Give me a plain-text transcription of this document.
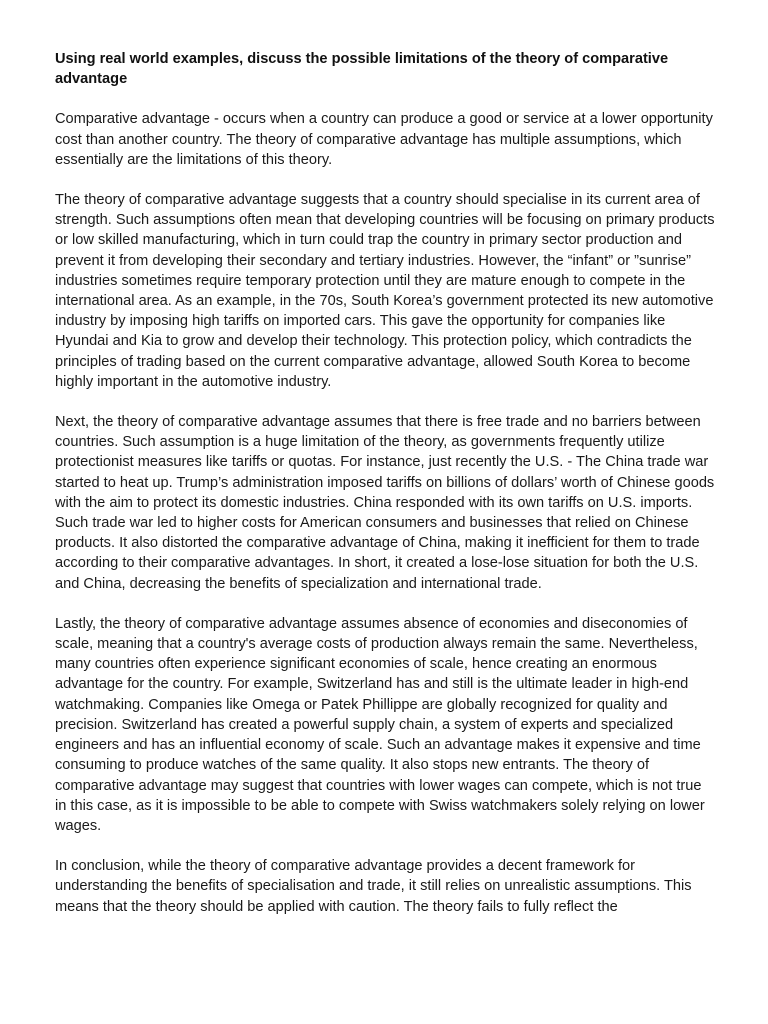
Using real world examples, discuss the possible limitations of the theory of comparative advantage

Comparative advantage - occurs when a country can produce a good or service at a lower opportunity cost than another country. The theory of comparative advantage has multiple assumptions, which essentially are the limitations of this theory.

The theory of comparative advantage suggests that a country should specialise in its current area of strength. Such assumptions often mean that developing countries will be focusing on primary products or low skilled manufacturing, which in turn could trap the country in primary sector production and prevent it from developing their secondary and tertiary industries. However, the “infant” or ”sunrise” industries sometimes require temporary protection until they are mature enough to compete in the international area. As an example, in the 70s, South Korea’s government protected its new automotive industry by imposing high tariffs on imported cars. This gave the opportunity for companies like Hyundai and Kia to grow and develop their technology. This protection policy, which contradicts the principles of trading based on the current comparative advantage, allowed South Korea to become highly important in the automotive industry.

Next, the theory of comparative advantage assumes that there is free trade and no barriers between countries. Such assumption is a huge limitation of the theory, as governments frequently utilize protectionist measures like tariffs or quotas. For instance, just recently the U.S. - The China trade war started to heat up. Trump’s administration imposed tariffs on billions of dollars’ worth of Chinese goods with the aim to protect its domestic industries. China responded with its own tariffs on U.S. imports. Such trade war led to higher costs for American consumers and businesses that relied on Chinese products. It also distorted the comparative advantage of China, making it inefficient for them to trade according to their comparative advantages. In short, it created a lose-lose situation for both the U.S. and China, decreasing the benefits of specialization and international trade.

Lastly, the theory of comparative advantage assumes absence of economies and diseconomies of scale, meaning that a country's average costs of production always remain the same. Nevertheless, many countries often experience significant economies of scale, hence creating an enormous advantage for the country. For example, Switzerland has and still is the ultimate leader in high-end watchmaking. Companies like Omega or Patek Phillippe are globally recognized for quality and precision. Switzerland has created a powerful supply chain, a system of experts and specialized engineers and has an influential economy of scale. Such an advantage makes it expensive and time consuming to produce watches of the same quality. It also stops new entrants. The theory of comparative advantage may suggest that countries with lower wages can compete, which is not true in this case, as it is impossible to be able to compete with Swiss watchmakers solely relying on lower wages.

In conclusion, while the theory of comparative advantage provides a decent framework for understanding the benefits of specialisation and trade, it still relies on unrealistic assumptions. This means that the theory should be applied with caution. The theory fails to fully reflect the
